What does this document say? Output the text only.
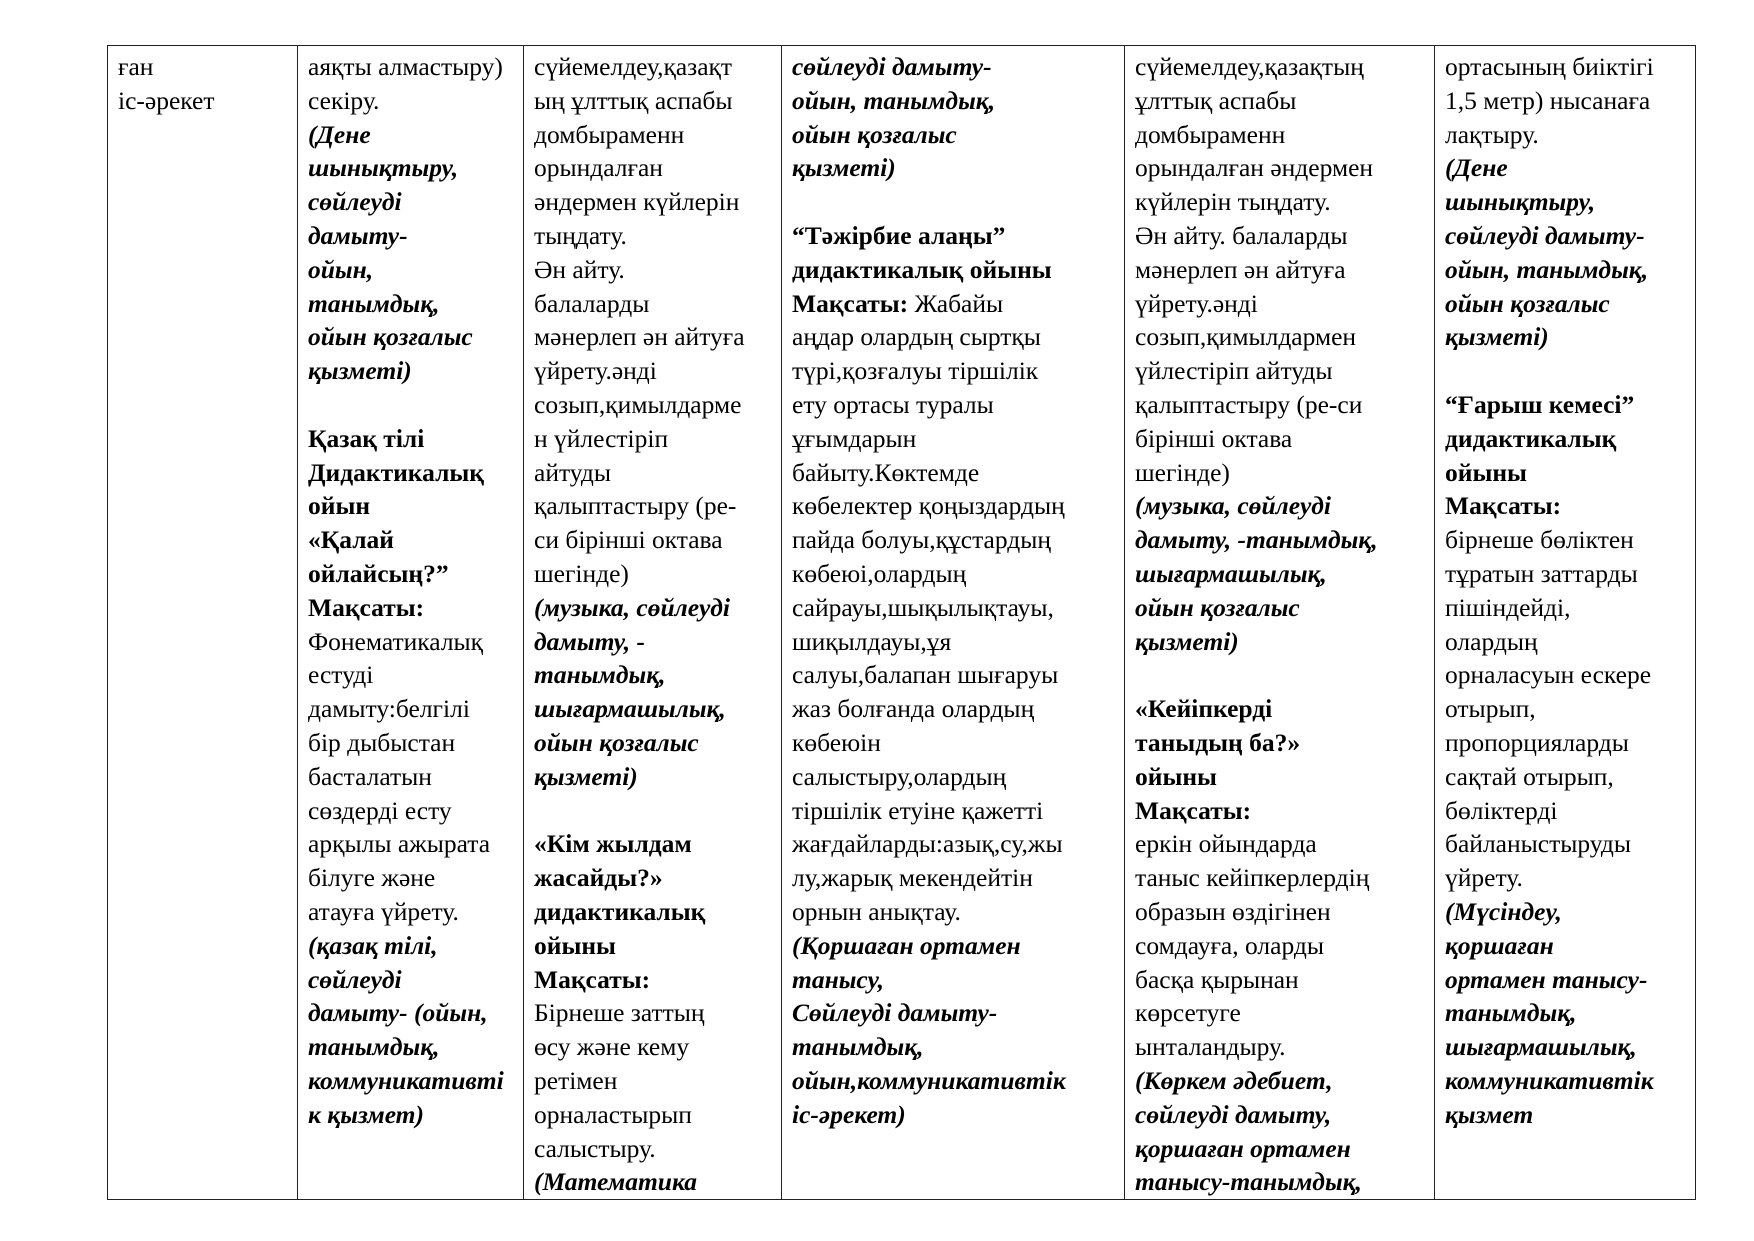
ған
іс-әрекет

аяқты алмастыру)
секіру.
(Дене
шынықтыру,
сөйлеуді
дамыту-
ойын,
танымдық,
ойын қозғалыс
қызметі)
Қазақ тілі
Дидактикалық
ойын
«Қалай
ойлайсың?”
Мақсаты:
Фонематикалық
естуді
дамыту:белгілі
бір дыбыстан
басталатын
сөздерді есту
арқылы ажырата
білуге және
атауға үйрету.
(қазақ тілі,
сөйлеуді
дамыту- (ойын,
танымдық,
коммуникативті
к қызмет)

сүйемелдеу,қазақт
ың ұлттық аспабы
домбыраменн
орындалған
әндермен күйлерін
тыңдату.
Ән айту.
балаларды
мәнерлеп ән айтуға
үйрету.әнді
созып,қимылдарме
н үйлестіріп
айтуды
қалыптастыру (ре-
си бірінші октава
шегінде)
(музыка, сөйлеуді
дамыту, -
танымдық,
шығармашылық,
ойын қозғалыс
қызметі)
«Кім жылдам
жасайды?»
дидактикалық
ойыны
Мақсаты:
Бірнеше заттың
өсу және кему
ретімен
орналастырып
салыстыру.
(Математика

сөйлеуді дамыту-
ойын, танымдық,
ойын қозғалыс
қызметі)
“Тәжірбие алаңы”
дидактикалық ойыны
Мақсаты: Жабайы
аңдар олардың сыртқы
түрі,қозғалуы тіршілік
ету ортасы туралы
ұғымдарын
байыту.Көктемде
көбелектер қоңыздардың
пайда болуы,құстардың
көбеюі,олардың
сайрауы,шықылықтауы,
шиқылдауы,ұя
салуы,балапан шығаруы
жаз болғанда олардың
көбеюін
салыстыру,олардың
тіршілік етуіне қажетті
жағдайларды:азық,су,жы
лу,жарық мекендейтін
орнын анықтау.
(Қоршаған ортамен
танысу,
Сөйлеуді дамыту-
танымдық,
ойын,коммуникативтік
іс-әрекет)

сүйемелдеу,қазақтың
ұлттық аспабы
домбыраменн
орындалған әндермен
күйлерін тыңдату.
Ән айту. балаларды
мәнерлеп ән айтуға
үйрету.әнді
созып,қимылдармен
үйлестіріп айтуды
қалыптастыру (ре-си
бірінші октава
шегінде)
(музыка, сөйлеуді
дамыту, -танымдық,
шығармашылық,
ойын қозғалыс
қызметі)
«Кейіпкерді
таныдың ба?»
ойыны
Мақсаты:
еркін ойындарда
таныс кейіпкерлердің
образын өздігінен
сомдауға, оларды
басқа қырынан
көрсетуге
ынталандыру.
(Көркем әдебиет,
сөйлеуді дамыту,
қоршаған ортамен
танысу-танымдық,

ортасының биіктігі
1,5 метр) нысанаға
лақтыру.
(Дене
шынықтыру,
сөйлеуді дамыту-
ойын, танымдық,
ойын қозғалыс
қызметі)
“Ғарыш кемесі”
дидактикалық
ойыны
Мақсаты:
бірнеше бөліктен
тұратын заттарды
пішіндейді,
олардың
орналасуын ескере
отырып,
пропорцияларды
сақтай отырып,
бөліктерді
байланыстыруды
үйрету.
(Мүсіндеу,
қоршаған
ортамен танысу-
танымдық,
шығармашылық,
коммуникативтік
қызмет
